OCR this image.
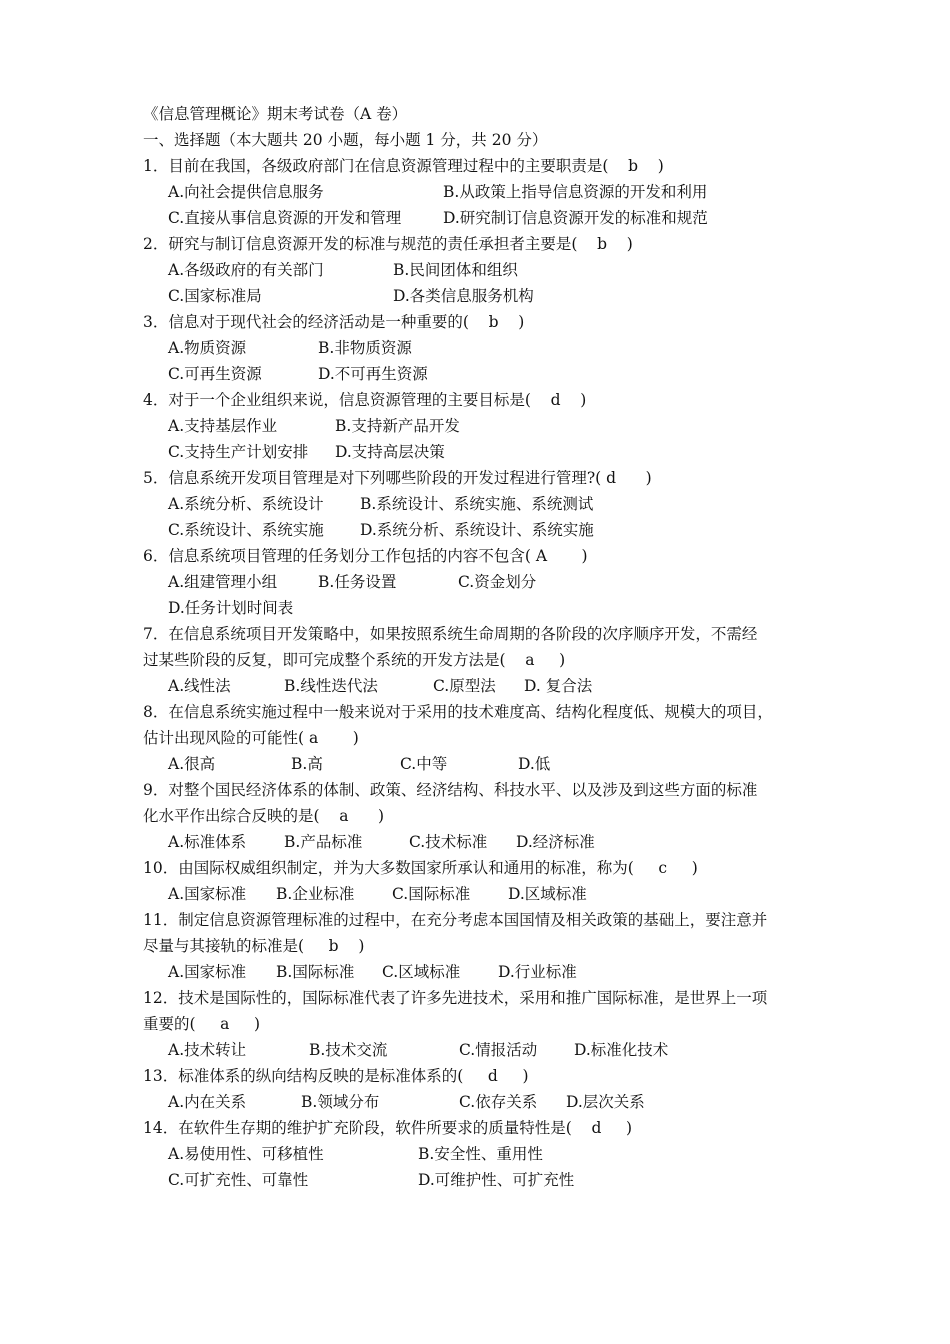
《信息管理概论》期末考试卷（A 卷）
一、选择题（本大题共 20 小题，每小题 1 分，共 20 分）
1．目前在我国，各级政府部门在信息资源管理过程中的主要职责是(    b    )
A.向社会提供信息服务	B.从政策上指导信息资源的开发和利用
C.直接从事信息资源的开发和管理	D.研究制订信息资源开发的标准和规范
2．研究与制订信息资源开发的标准与规范的责任承担者主要是(    b    )
A.各级政府的有关部门	B.民间团体和组织
C.国家标准局	D.各类信息服务机构
3．信息对于现代社会的经济活动是一种重要的(    b    )
A.物质资源	B.非物质资源
C.可再生资源	D.不可再生资源
4．对于一个企业组织来说，信息资源管理的主要目标是(    d    )
A.支持基层作业	B.支持新产品开发
C.支持生产计划安排 D.支持高层决策
5．信息系统开发项目管理是对下列哪些阶段的开发过程进行管理?( d      )
A.系统分析、系统设计 B.系统设计、系统实施、系统测试
C.系统设计、系统实施 D.系统分析、系统设计、系统实施
6．信息系统项目管理的任务划分工作包括的内容不包含( A       )
A.组建管理小组	B.任务设置	C.资金划分
D.任务计划时间表
7．在信息系统项目开发策略中，如果按照系统生命周期的各阶段的次序顺序开发，不需经
过某些阶段的反复，即可完成整个系统的开发方法是(    a     )
A.线性法	B.线性迭代法	C.原型法 D. 复合法
8．在信息系统实施过程中一般来说对于采用的技术难度高、结构化程度低、规模大的项目，
估计出现风险的可能性( a       )
A.很高	B.高	C.中等	D.低
9．对整个国民经济体系的体制、政策、经济结构、科技水平、以及涉及到这些方面的标准
化水平作出综合反映的是(    a      )
A.标准体系 B.产品标准	C.技术标准 D.经济标准
10．由国际权威组织制定，并为大多数国家所承认和通用的标准，称为(     c     )
A.国家标准 B.企业标准 C.国际标准 D.区域标准
11．制定信息资源管理标准的过程中，在充分考虑本国国情及相关政策的基础上，要注意并
尽量与其接轨的标准是(     b    )
A.国家标准 B.国际标准 C.区域标准 D.行业标准
12．技术是国际性的，国际标准代表了许多先进技术，采用和推广国际标准，是世界上一项
重要的(     a     )
A.技术转让	B.技术交流	C.情报活动 D.标准化技术
13．标准体系的纵向结构反映的是标准体系的(     d     )
A.内在关系	B.领域分布	C.依存关系 D.层次关系
14．在软件生存期的维护扩充阶段，软件所要求的质量特性是(    d     )
A.易使用性、可移植性	B.安全性、重用性
C.可扩充性、可靠性	D.可维护性、可扩充性
